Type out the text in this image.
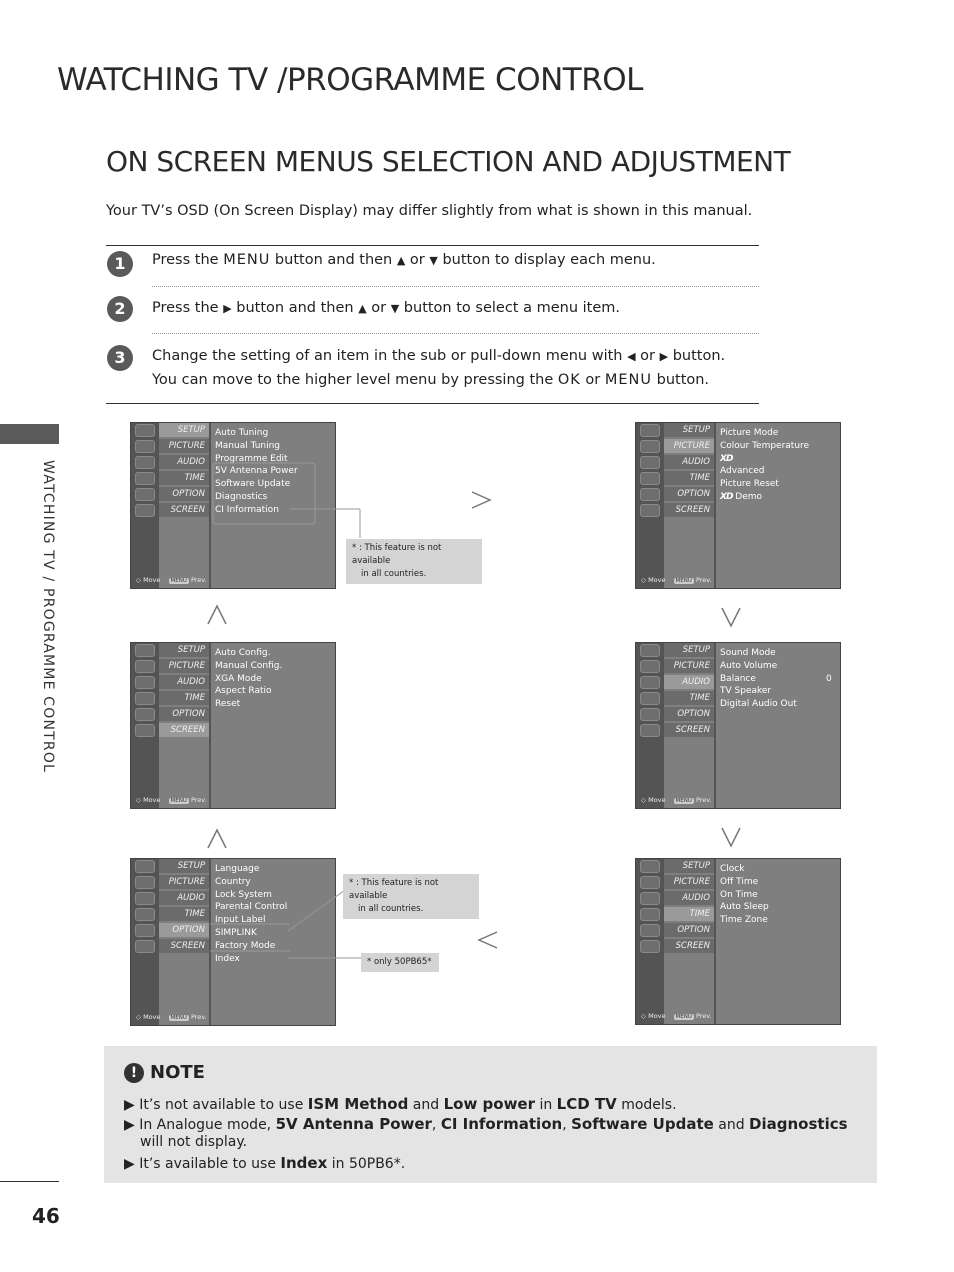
WATCHING TV /PROGRAMME CONTROL
ON SCREEN MENUS SELECTION AND ADJUSTMENT
Your TV’s OSD (On Screen Display) may differ slightly from what is shown in this manual.
WATCHING TV / PROGRAMME CONTROL
1	Press the MENU button and then ▲ or ▼ button to display each menu.
2	Press the ▶ button and then ▲ or ▼ button to select a menu item.
3	Change the setting of an item in the sub or pull-down menu with ◀ or ▶ button.
You can move to the higher level menu by pressing the OK or MENU button.
SETUP
PICTURE
AUDIO
TIME
OPTION
SCREEN
Auto Tuning
Manual Tuning
Programme Edit
5V Antenna Power
Software Update
Diagnostics
CI Information
◇ Move MENU Prev.
SETUP
PICTURE
AUDIO
TIME
OPTION
SCREEN
Picture Mode
Colour Temperature
XD
Advanced
Picture Reset
XD Demo
◇ Move MENU Prev.
SETUP
PICTURE
AUDIO
TIME
OPTION
SCREEN
Auto Config.
Manual Config.
XGA Mode
Aspect Ratio
Reset
◇ Move MENU Prev.
SETUP
PICTURE
AUDIO
TIME
OPTION
SCREEN
Sound Mode
Auto Volume
Balance	0
TV Speaker
Digital Audio Out
◇ Move MENU Prev.
SETUP
PICTURE
AUDIO
TIME
OPTION
SCREEN
Language
Country
Lock System
Parental Control
Input Label
SIMPLINK
Factory Mode
Index
◇ Move MENU Prev.
SETUP
PICTURE
AUDIO
TIME
OPTION
SCREEN
Clock
Off Time
On Time
Auto Sleep
Time Zone
◇ Move MENU Prev.
* : This feature is not available
in all countries.
* : This feature is not available
in all countries.
* only 50PB65*
! NOTE
▶ It’s not available to use ISM Method and Low power in LCD TV models.
▶ In Analogue mode, 5V Antenna Power, CI Information, Software Update and Diagnostics
will not display.
▶ It’s available to use Index in 50PB6*.
46
